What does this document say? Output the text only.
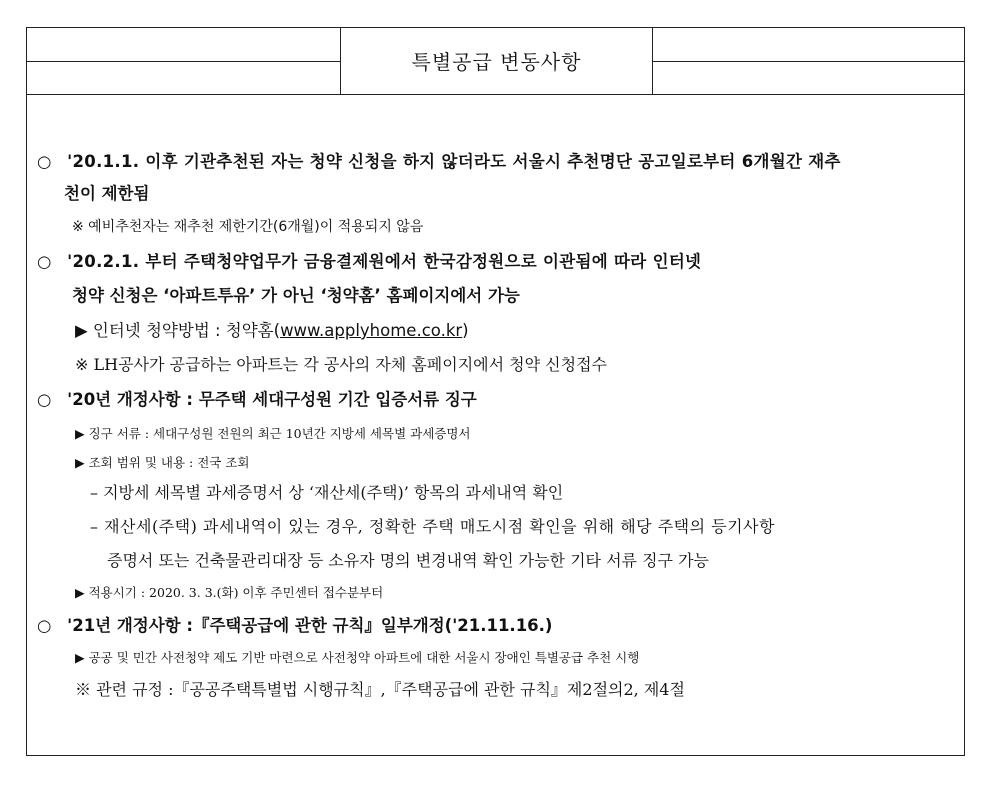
특별공급 변동사항
○ '20.1.1. 이후 기관추천된 자는 청약 신청을 하지 않더라도 서울시 추천명단 공고일로부터 6개월간 재추
천이 제한됨
※ 예비추천자는 재추천 제한기간(6개월)이 적용되지 않음
○ '20.2.1. 부터 주택청약업무가 금융결제원에서 한국감정원으로 이관됨에 따라 인터넷
청약 신청은 ‘아파트투유’ 가 아닌 ‘청약홈’ 홈페이지에서 가능
▶ 인터넷 청약방법 : 청약홈(www.applyhome.co.kr)
※ LH공사가 공급하는 아파트는 각 공사의 자체 홈페이지에서 청약 신청접수
○ '20년 개정사항 : 무주택 세대구성원 기간 입증서류 징구
▶ 징구 서류 : 세대구성원 전원의 최근 10년간 지방세 세목별 과세증명서
▶ 조회 범위 및 내용 : 전국 조회
– 지방세 세목별 과세증명서 상 ‘재산세(주택)’ 항목의 과세내역 확인
– 재산세(주택) 과세내역이 있는 경우, 정확한 주택 매도시점 확인을 위해 해당 주택의 등기사항
증명서 또는 건축물관리대장 등 소유자 명의 변경내역 확인 가능한 기타 서류 징구 가능
▶ 적용시기 : 2020. 3. 3.(화) 이후 주민센터 접수분부터
○ '21년 개정사항 :『주택공급에 관한 규칙』일부개정('21.11.16.)
▶ 공공 및 민간 사전청약 제도 기반 마련으로 사전청약 아파트에 대한 서울시 장애인 특별공급 추천 시행
※ 관련 규정 :『공공주택특별법 시행규칙』,『주택공급에 관한 규칙』제2절의2, 제4절
